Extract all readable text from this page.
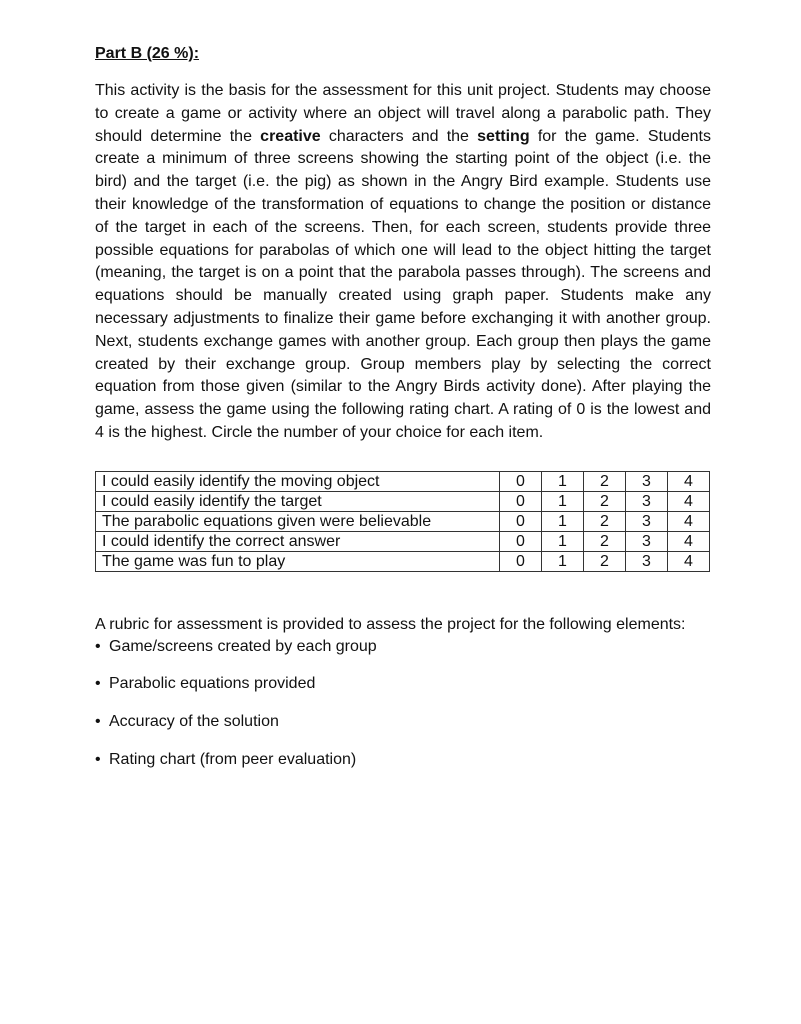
Part B (26 %):

This activity is the basis for the assessment for this unit project. Students may choose to create a game or activity where an object will travel along a parabolic path. They should determine the creative characters and the setting for the game. Students create a minimum of three screens showing the starting point of the object (i.e. the bird) and the target (i.e. the pig) as shown in the Angry Bird example. Students use their knowledge of the transformation of equations to change the position or distance of the target in each of the screens. Then, for each screen, students provide three possible equations for parabolas of which one will lead to the object hitting the target (meaning, the target is on a point that the parabola passes through). The screens and equations should be manually created using graph paper. Students make any necessary adjustments to finalize their game before exchanging it with another group. Next, students exchange games with another group. Each group then plays the game created by their exchange group. Group members play by selecting the correct equation from those given (similar to the Angry Birds activity done). After playing the game, assess the game using the following rating chart. A rating of 0 is the lowest and 4 is the highest. Circle the number of your choice for each item.

I could easily identify the moving object	0	1	2	3	4
I could easily identify the target	0	1	2	3	4
The parabolic equations given were believable	0	1	2	3	4
I could identify the correct answer	0	1	2	3	4
The game was fun to play	0	1	2	3	4

A rubric for assessment is provided to assess the project for the following elements:

• Game/screens created by each group

• Parabolic equations provided

• Accuracy of the solution

• Rating chart (from peer evaluation)
